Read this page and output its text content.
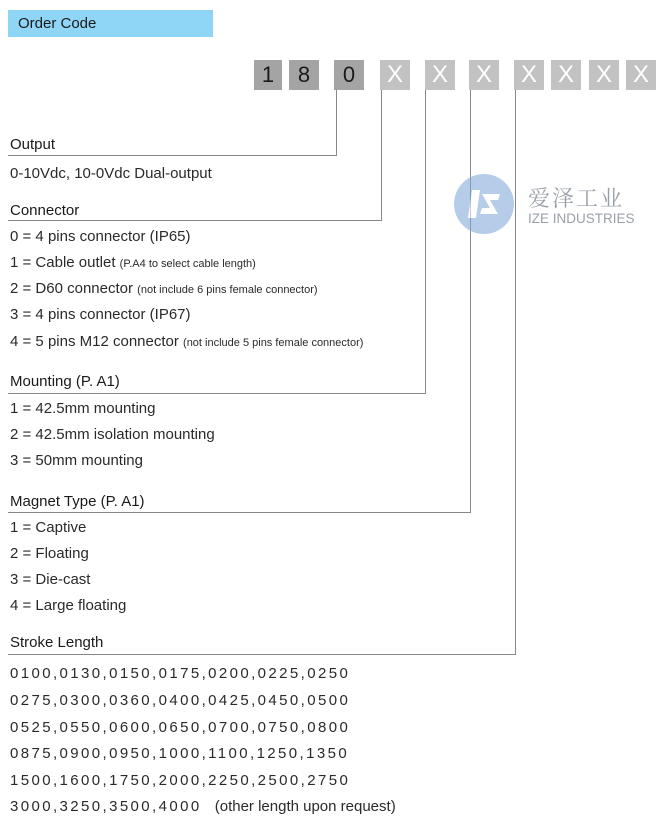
Order Code
1	8	0	X X X X X X X
Output
0-10Vdc, 10-0Vdc Dual-output
Connector
0 = 4 pins connector (IP65)
1 = Cable outlet (P.A4 to select cable length)
2 = D60 connector (not include 6 pins female connector)
3 = 4 pins connector (IP67)
4 = 5 pins M12 connector (not include 5 pins female connector)
Mounting (P. A1)
1 = 42.5mm mounting
2 = 42.5mm isolation mounting
3 = 50mm mounting
Magnet Type (P. A1)
1 = Captive
2 = Floating
3 = Die-cast
4 = Large floating
Stroke Length
0100,0130,0150,0175,0200,0225,0250
0275,0300,0360,0400,0425,0450,0500
0525,0550,0600,0650,0700,0750,0800
0875,0900,0950,1000,1100,1250,1350
1500,1600,1750,2000,2250,2500,2750
3000,3250,3500,4000 (other length upon request)
爱泽工业
IZE INDUSTRIES
